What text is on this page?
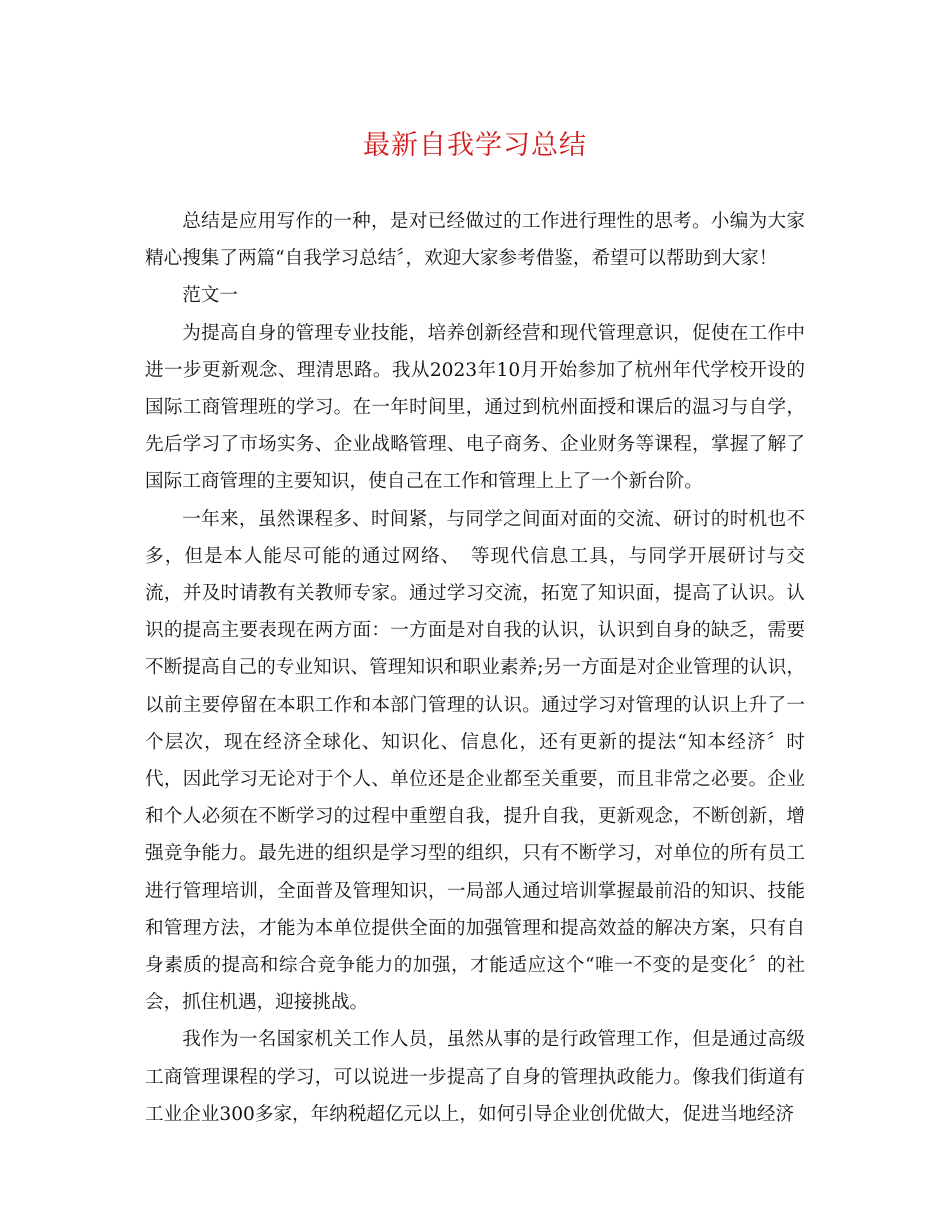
最新自我学习总结

总结是应用写作的一种，是对已经做过的工作进行理性的思考。小编为大家精心搜集了两篇“自我学习总结〞，欢迎大家参考借鉴，希望可以帮助到大家！

范文一

为提高自身的管理专业技能，培养创新经营和现代管理意识，促使在工作中进一步更新观念、理清思路。我从2023年10月开始参加了杭州年代学校开设的国际工商管理班的学习。在一年时间里，通过到杭州面授和课后的温习与自学，先后学习了市场实务、企业战略管理、电子商务、企业财务等课程，掌握了解了国际工商管理的主要知识，使自己在工作和管理上上了一个新台阶。

一年来，虽然课程多、时间紧，与同学之间面对面的交流、研讨的时机也不多，但是本人能尽可能的通过网络、　等现代信息工具，与同学开展研讨与交流，并及时请教有关教师专家。通过学习交流，拓宽了知识面，提高了认识。认识的提高主要表现在两方面：一方面是对自我的认识，认识到自身的缺乏，需要不断提高自己的专业知识、管理知识和职业素养;另一方面是对企业管理的认识，以前主要停留在本职工作和本部门管理的认识。通过学习对管理的认识上升了一个层次，现在经济全球化、知识化、信息化，还有更新的提法“知本经济〞时代，因此学习无论对于个人、单位还是企业都至关重要，而且非常之必要。企业和个人必须在不断学习的过程中重塑自我，提升自我，更新观念，不断创新，增强竞争能力。最先进的组织是学习型的组织，只有不断学习，对单位的所有员工进行管理培训，全面普及管理知识，一局部人通过培训掌握最前沿的知识、技能和管理方法，才能为本单位提供全面的加强管理和提高效益的解决方案，只有自身素质的提高和综合竞争能力的加强，才能适应这个“唯一不变的是变化〞的社会，抓住机遇，迎接挑战。

我作为一名国家机关工作人员，虽然从事的是行政管理工作，但是通过高级工商管理课程的学习，可以说进一步提高了自身的管理执政能力。像我们街道有工业企业300多家，年纳税超亿元以上，如何引导企业创优做大，促进当地经济
